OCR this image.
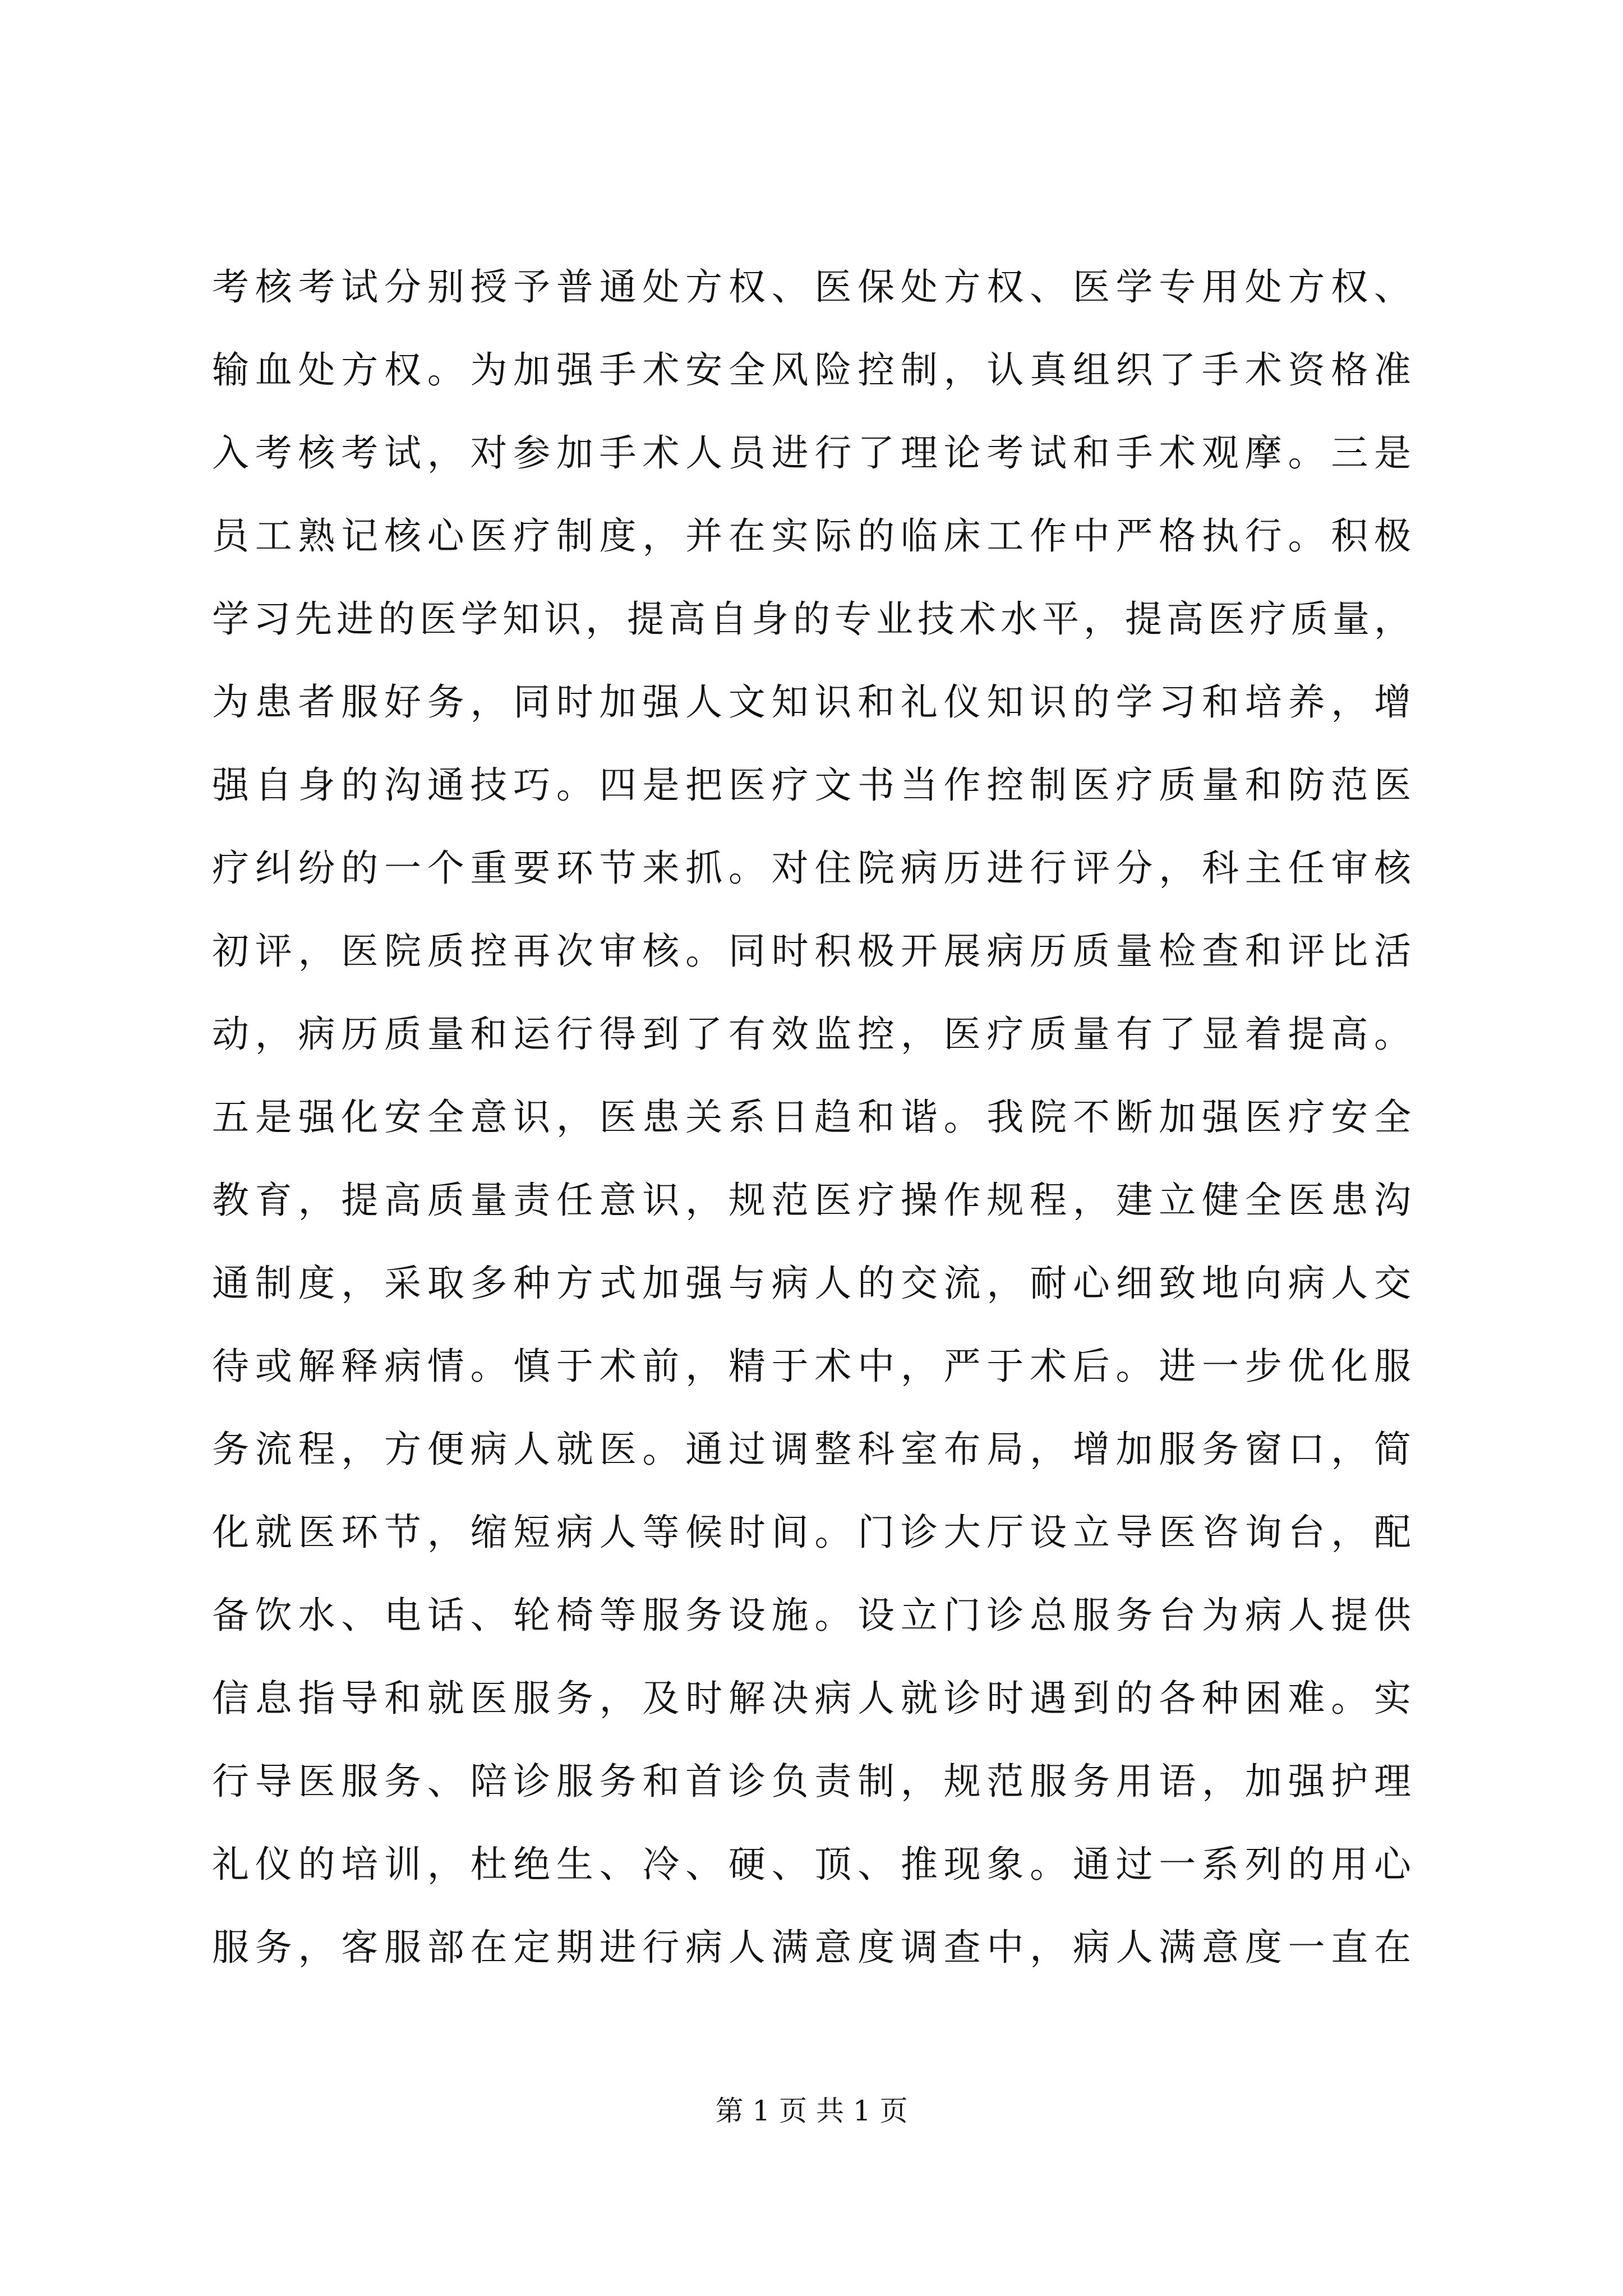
考核考试分别授予普通处方权、医保处方权、医学专用处方权、
输血处方权。为加强手术安全风险控制，认真组织了手术资格准
入考核考试，对参加手术人员进行了理论考试和手术观摩。三是
员工熟记核心医疗制度，并在实际的临床工作中严格执行。积极
学习先进的医学知识，提高自身的专业技术水平，提高医疗质量，
为患者服好务，同时加强人文知识和礼仪知识的学习和培养，增
强自身的沟通技巧。四是把医疗文书当作控制医疗质量和防范医
疗纠纷的一个重要环节来抓。对住院病历进行评分，科主任审核
初评，医院质控再次审核。同时积极开展病历质量检查和评比活
动，病历质量和运行得到了有效监控，医疗质量有了显着提高。
五是强化安全意识，医患关系日趋和谐。我院不断加强医疗安全
教育，提高质量责任意识，规范医疗操作规程，建立健全医患沟
通制度，采取多种方式加强与病人的交流，耐心细致地向病人交
待或解释病情。慎于术前，精于术中，严于术后。进一步优化服
务流程，方便病人就医。通过调整科室布局，增加服务窗口，简
化就医环节，缩短病人等候时间。门诊大厅设立导医咨询台，配
备饮水、电话、轮椅等服务设施。设立门诊总服务台为病人提供
信息指导和就医服务，及时解决病人就诊时遇到的各种困难。实
行导医服务、陪诊服务和首诊负责制，规范服务用语，加强护理
礼仪的培训，杜绝生、冷、硬、顶、推现象。通过一系列的用心
服务，客服部在定期进行病人满意度调查中，病人满意度一直在
第 1 页 共 1 页
